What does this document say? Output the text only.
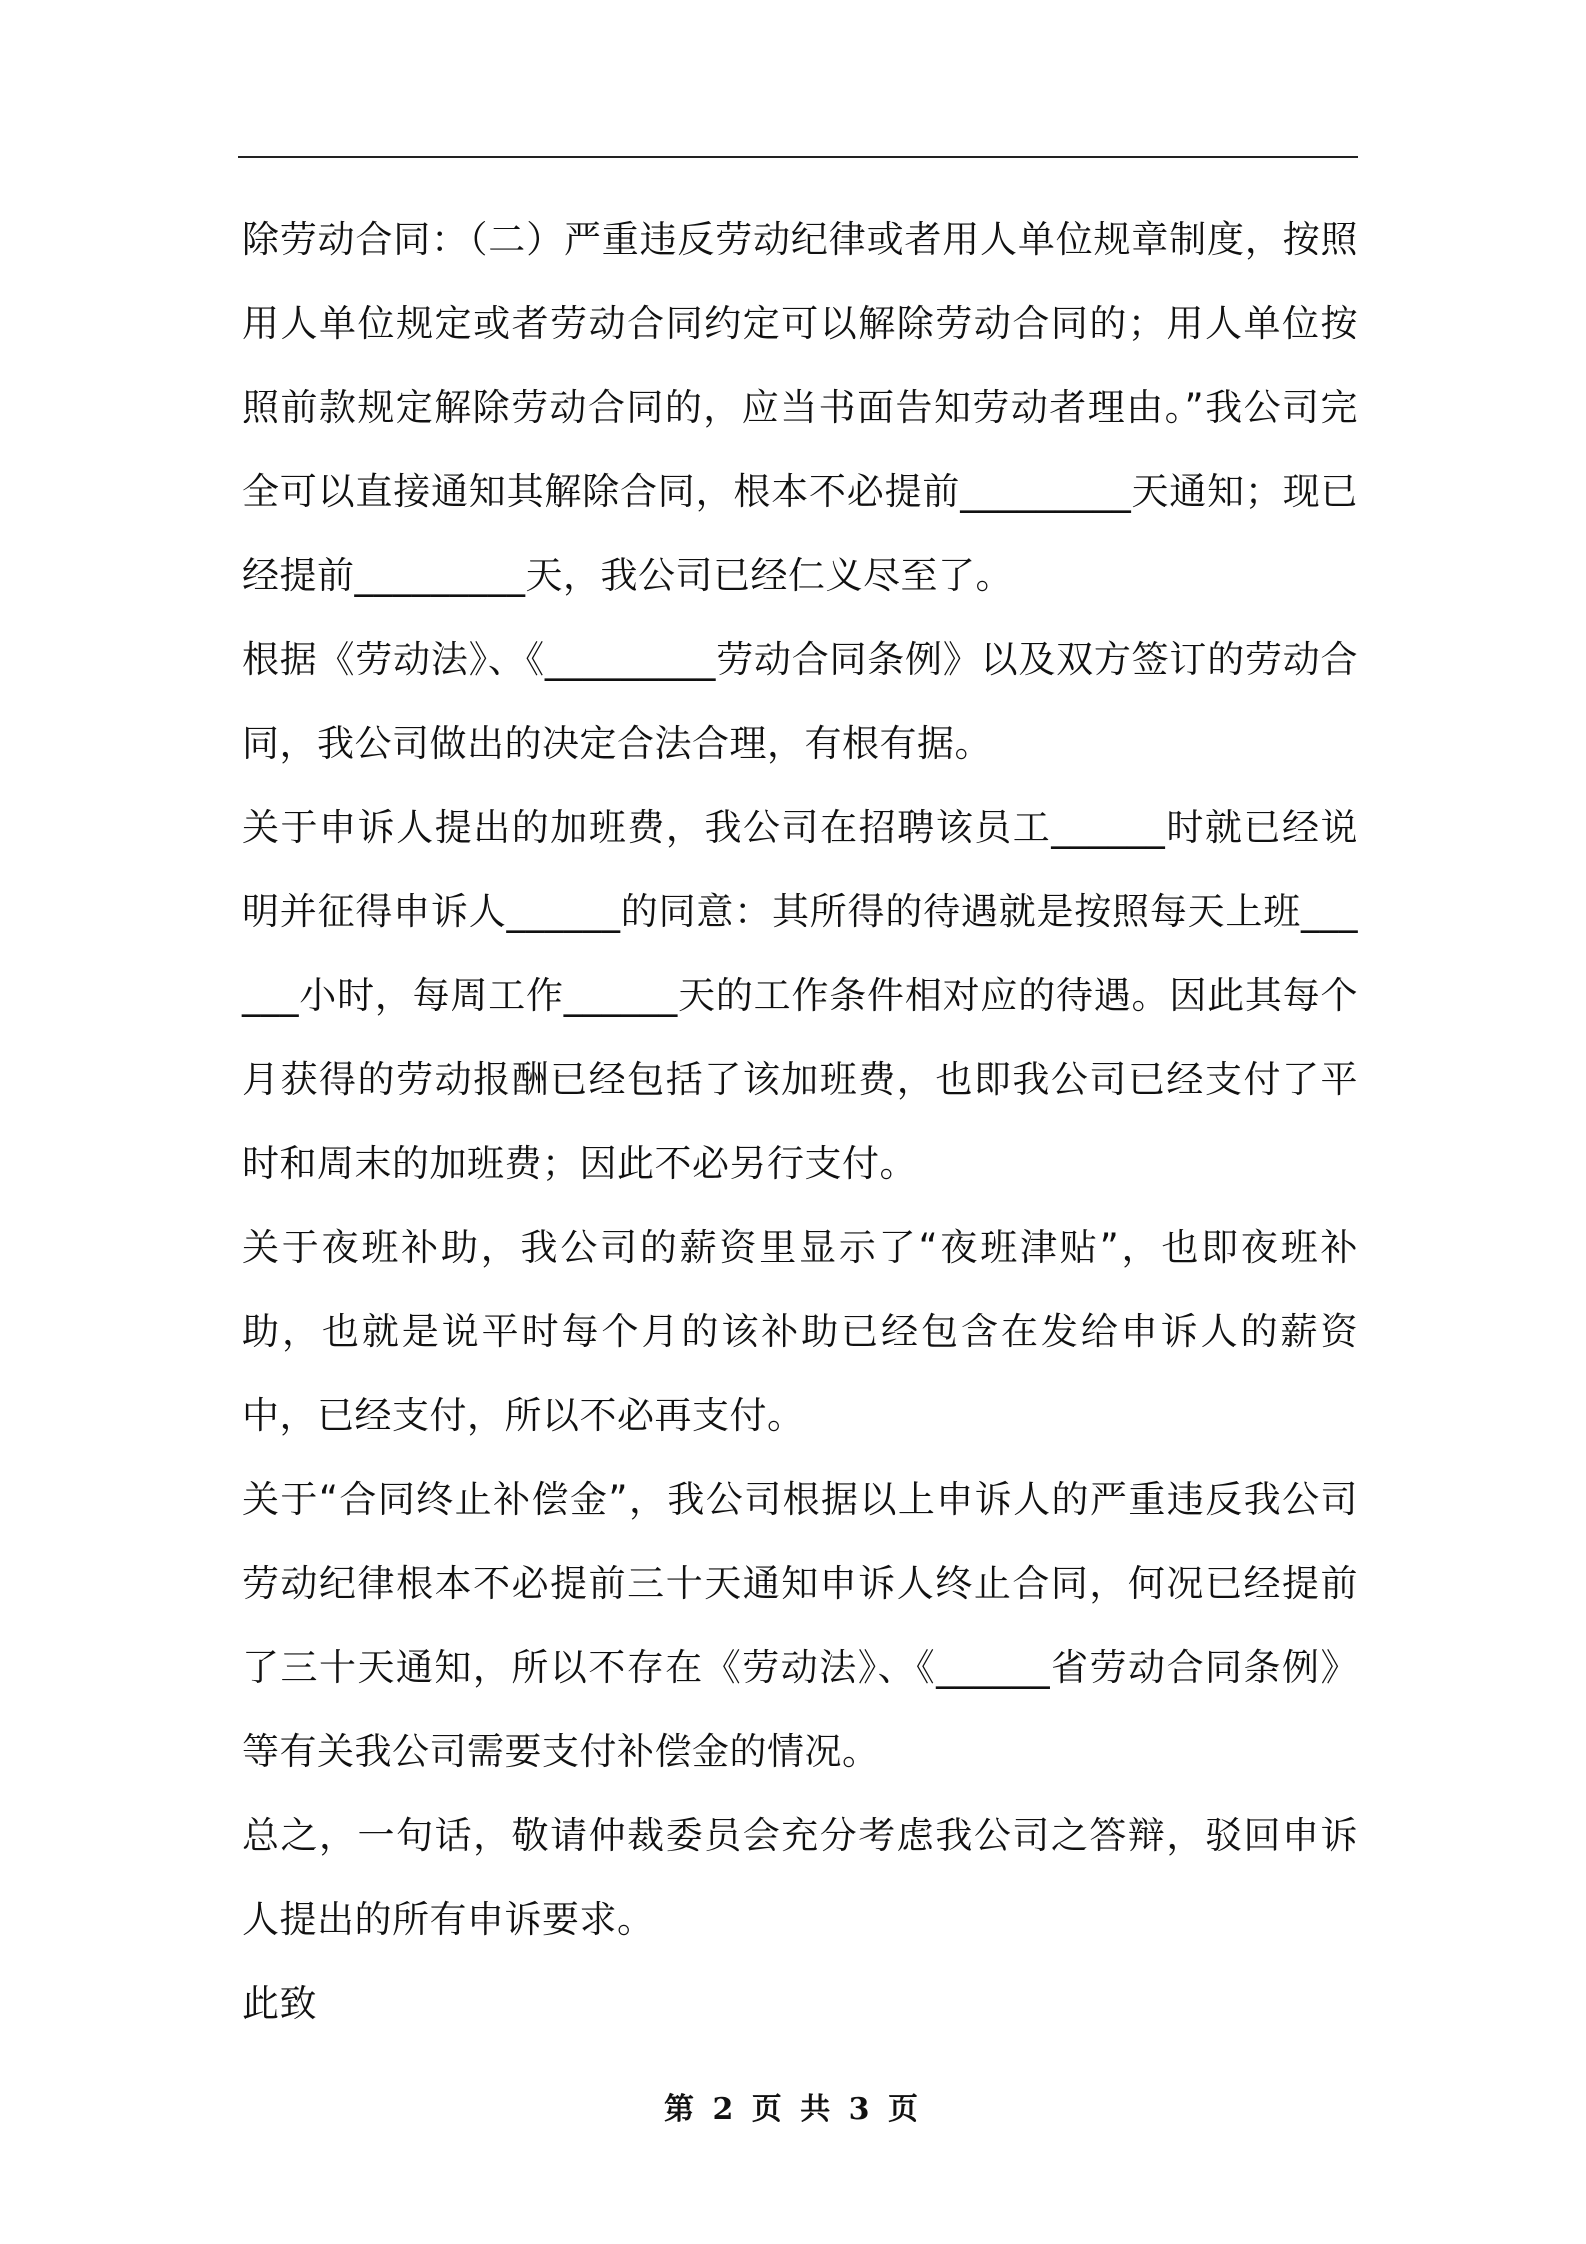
除劳动合同：（二）严重违反劳动纪律或者用人单位规章制度，按照用人单位规定或者劳动合同约定可以解除劳动合同的；用人单位按照前款规定解除劳动合同的，应当书面告知劳动者理由。”我公司完全可以直接通知其解除合同，根本不必提前_________天通知；现已经提前_________天，我公司已经仁义尽至了。

根据《劳动法》、《_________劳动合同条例》以及双方签订的劳动合同，我公司做出的决定合法合理，有根有据。

关于申诉人提出的加班费，我公司在招聘该员工______时就已经说明并征得申诉人______的同意：其所得的待遇就是按照每天上班______小时，每周工作______天的工作条件相对应的待遇。因此其每个月获得的劳动报酬已经包括了该加班费，也即我公司已经支付了平时和周末的加班费；因此不必另行支付。

关于夜班补助，我公司的薪资里显示了“夜班津贴”，也即夜班补助，也就是说平时每个月的该补助已经包含在发给申诉人的薪资中，已经支付，所以不必再支付。

关于“合同终止补偿金”，我公司根据以上申诉人的严重违反我公司劳动纪律根本不必提前三十天通知申诉人终止合同，何况已经提前了三十天通知，所以不存在《劳动法》、《______省劳动合同条例》等有关我公司需要支付补偿金的情况。

总之，一句话，敬请仲裁委员会充分考虑我公司之答辩，驳回申诉人提出的所有申诉要求。

此致

第 2 页 共 3 页
